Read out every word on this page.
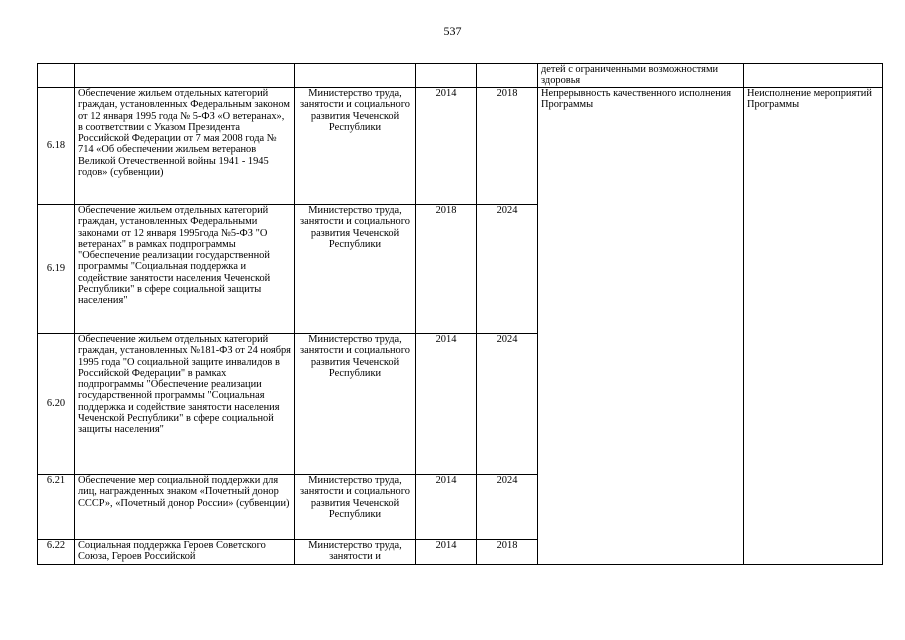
537

					детей с ограниченными возможностями здоровья	

6.18	Обеспечение жильем отдельных категорий граждан, установленных Федеральным законом от 12 января 1995 года № 5-ФЗ «О ветеранах», в соответствии с Указом Президента Российской Федерации от 7 мая 2008 года № 714 «Об обеспечении жильем ветеранов Великой Отечественной войны 1941 - 1945 годов» (субвенции)	Министерство труда, занятости и социального развития Чеченской Республики	2014	2018	Непрерывность качественного исполнения Программы	Неисполнение мероприятий Программы
6.19	Обеспечение жильем отдельных категорий граждан, установленных Федеральными законами от 12 января 1995года №5-ФЗ "О ветеранах" в рамках подпрограммы "Обеспечение реализации государственной программы "Социальная поддержка и содействие занятости населения Чеченской Республики" в сфере социальной защиты населения"	Министерство труда, занятости и социального развития Чеченской Республики	2018	2024		
6.20	Обеспечение жильем отдельных категорий граждан, установленных №181-ФЗ от 24 ноября 1995 года "О социальной защите инвалидов в Российской Федерации" в рамках подпрограммы "Обеспечение реализации государственной программы "Социальная поддержка и содействие занятости населения Чеченской Республики" в сфере социальной защиты населения"	Министерство труда, занятости и социального развития Чеченской Республики	2014	2024		
6.21	Обеспечение мер социальной поддержки для лиц, награжденных знаком «Почетный донор СССР», «Почетный донор России» (субвенции)	Министерство труда, занятости и социального развития Чеченской Республики	2014	2024		

6.22	Социальная поддержка Героев Советского Союза, Героев Российской	Министерство труда, занятости и	2014	2018		
